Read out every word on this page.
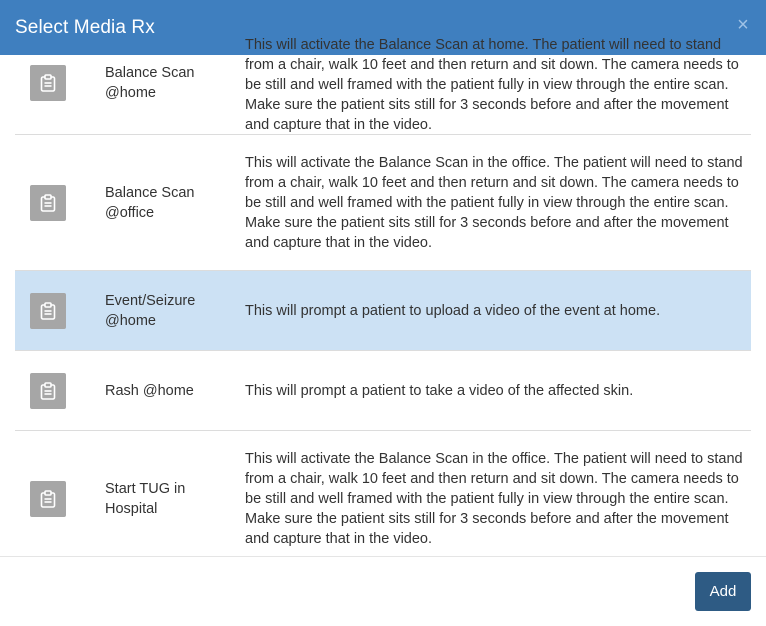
Select Media Rx	×
Balance Scan @home
This will activate the Balance Scan at home. The patient will need to stand from a chair, walk 10 feet and then return and sit down. The camera needs to be still and well framed with the patient fully in view through the entire scan. Make sure the patient sits still for 3 seconds before and after the movement and capture that in the video.
Balance Scan @office
This will activate the Balance Scan in the office. The patient will need to stand from a chair, walk 10 feet and then return and sit down. The camera needs to be still and well framed with the patient fully in view through the entire scan. Make sure the patient sits still for 3 seconds before and after the movement and capture that in the video.
Event/Seizure @home
This will prompt a patient to upload a video of the event at home.
Rash @home	This will prompt a patient to take a video of the affected skin.
Start TUG in Hospital
This will activate the Balance Scan in the office. The patient will need to stand from a chair, walk 10 feet and then return and sit down. The camera needs to be still and well framed with the patient fully in view through the entire scan. Make sure the patient sits still for 3 seconds before and after the movement and capture that in the video.
Add
